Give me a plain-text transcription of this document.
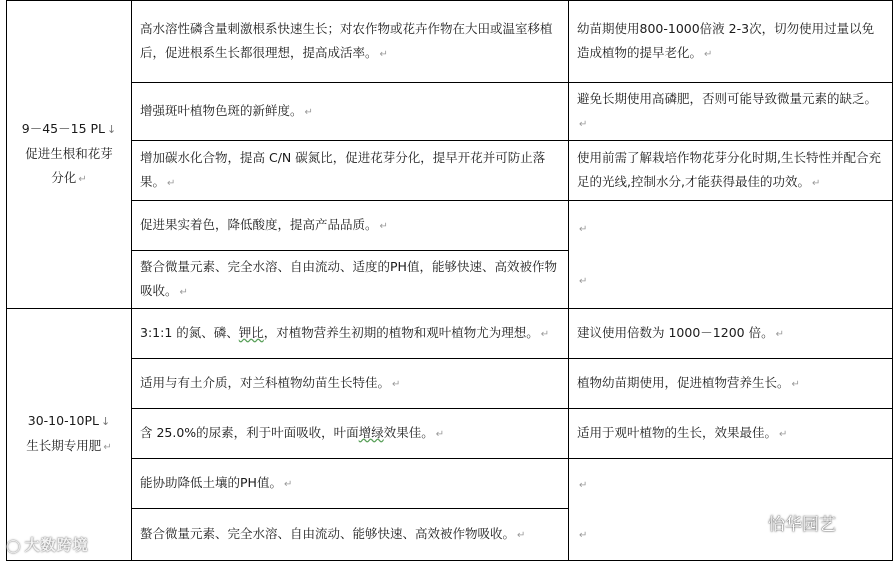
9－45－15 PL ↓
促进生根和花芽
分化 ↵	高水溶性磷含量刺激根系快速生长；对农作物或花卉作物在大田或温室移植后，促进根系生长都很理想，提高成活率。 ↵	幼苗期使用800-1000倍液 2-3次，切勿使用过量以免造成植物的提早老化。 ↵
	增强斑叶植物色斑的新鲜度。 ↵	避免长期使用高磷肥，否则可能导致微量元素的缺乏。↵
	增加碳水化合物，提高 C/N 碳氮比，促进花芽分化，提早开花并可防止落果。 ↵	使用前需了解栽培作物花芽分化时期,生长特性并配合充足的光线,控制水分,才能获得最佳的功效。 ↵
	促进果实着色，降低酸度，提高产品品质。 ↵	↵
↵

	螯合微量元素、完全水溶、自由流动、适度的PH值，能够快速、高效被作物吸收。 ↵	

30-10-10PL ↓
生长期专用肥 ↵	3:1:1 的氮、磷、钾比，对植物营养生初期的植物和观叶植物尤为理想。 ↵	建议使用倍数为 1000－1200 倍。 ↵
	适用与有土介质，对兰科植物幼苗生长特佳。 ↵	植物幼苗期使用，促进植物营养生长。 ↵
	含 25.0%的尿素，利于叶面吸收，叶面增绿效果佳。 ↵	适用于观叶植物的生长，效果最佳。 ↵
	能协助降低土壤的PH值。 ↵	↵
↵

	螯合微量元素、完全水溶、自由流动、能够快速、高效被作物吸收。 ↵	
◯ 大数跨境
怡华园艺
